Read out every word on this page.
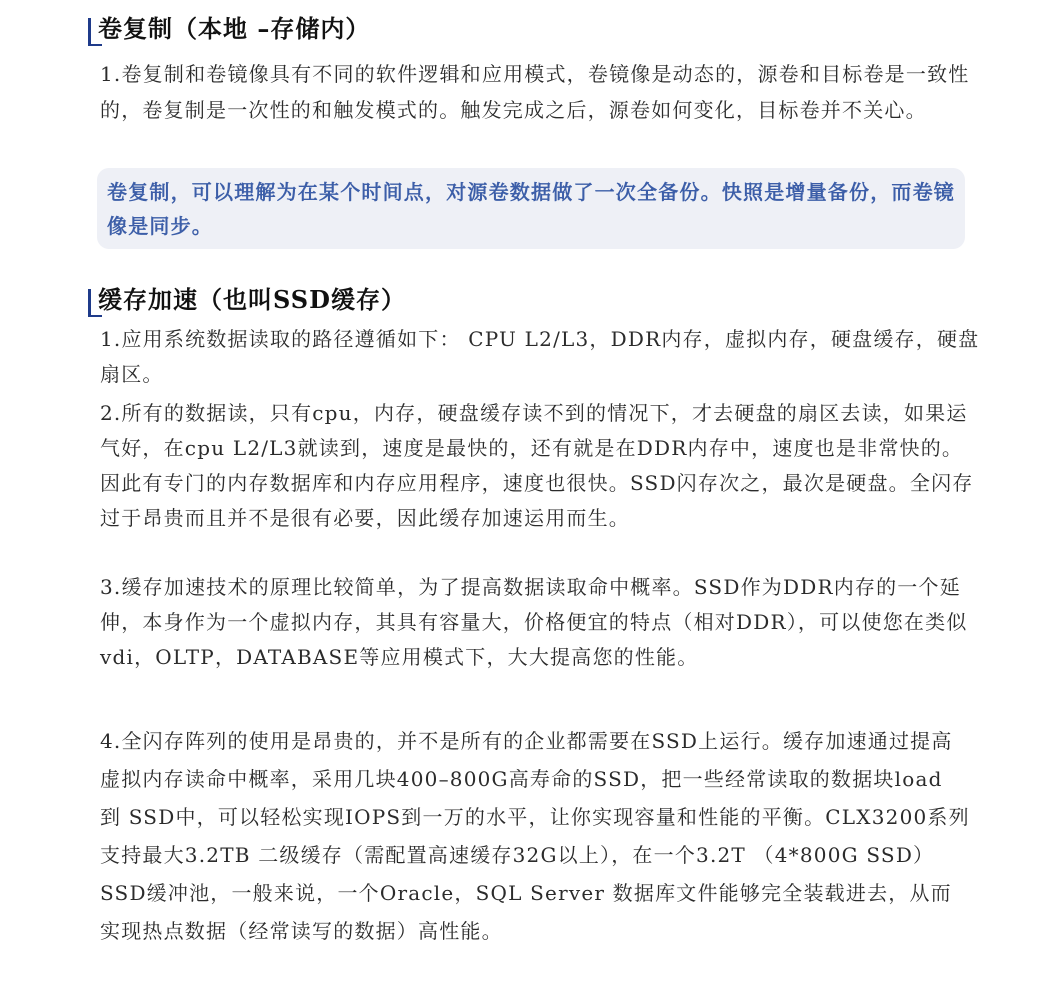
卷复制（本地 –存储内）

1.卷复制和卷镜像具有不同的软件逻辑和应用模式，卷镜像是动态的，源卷和目标卷是一致性的，卷复制是一次性的和触发模式的。触发完成之后，源卷如何变化，目标卷并不关心。

卷复制，可以理解为在某个时间点，对源卷数据做了一次全备份。快照是增量备份，而卷镜像是同步。

缓存加速（也叫SSD缓存）

1.应用系统数据读取的路径遵循如下： CPU L2/L3，DDR内存，虚拟内存，硬盘缓存，硬盘扇区。

2.所有的数据读，只有cpu，内存，硬盘缓存读不到的情况下，才去硬盘的扇区去读，如果运气好，在cpu L2/L3就读到，速度是最快的，还有就是在DDR内存中，速度也是非常快的。 因此有专门的内存数据库和内存应用程序，速度也很快。SSD闪存次之，最次是硬盘。全闪存过于昂贵而且并不是很有必要，因此缓存加速运用而生。

3.缓存加速技术的原理比较简单，为了提高数据读取命中概率。SSD作为DDR内存的一个延伸，本身作为一个虚拟内存，其具有容量大，价格便宜的特点（相对DDR），可以使您在类似vdi，OLTP，DATABASE等应用模式下，大大提高您的性能。

4.全闪存阵列的使用是昂贵的，并不是所有的企业都需要在SSD上运行。缓存加速通过提高虚拟内存读命中概率，采用几块400–800G高寿命的SSD，把一些经常读取的数据块load 到 SSD中，可以轻松实现IOPS到一万的水平，让你实现容量和性能的平衡。CLX3200系列支持最大3.2TB 二级缓存（需配置高速缓存32G以上），在一个3.2T （4*800G SSD）SSD缓冲池，一般来说，一个Oracle，SQL Server 数据库文件能够完全装载进去，从而实现热点数据（经常读写的数据）高性能。
